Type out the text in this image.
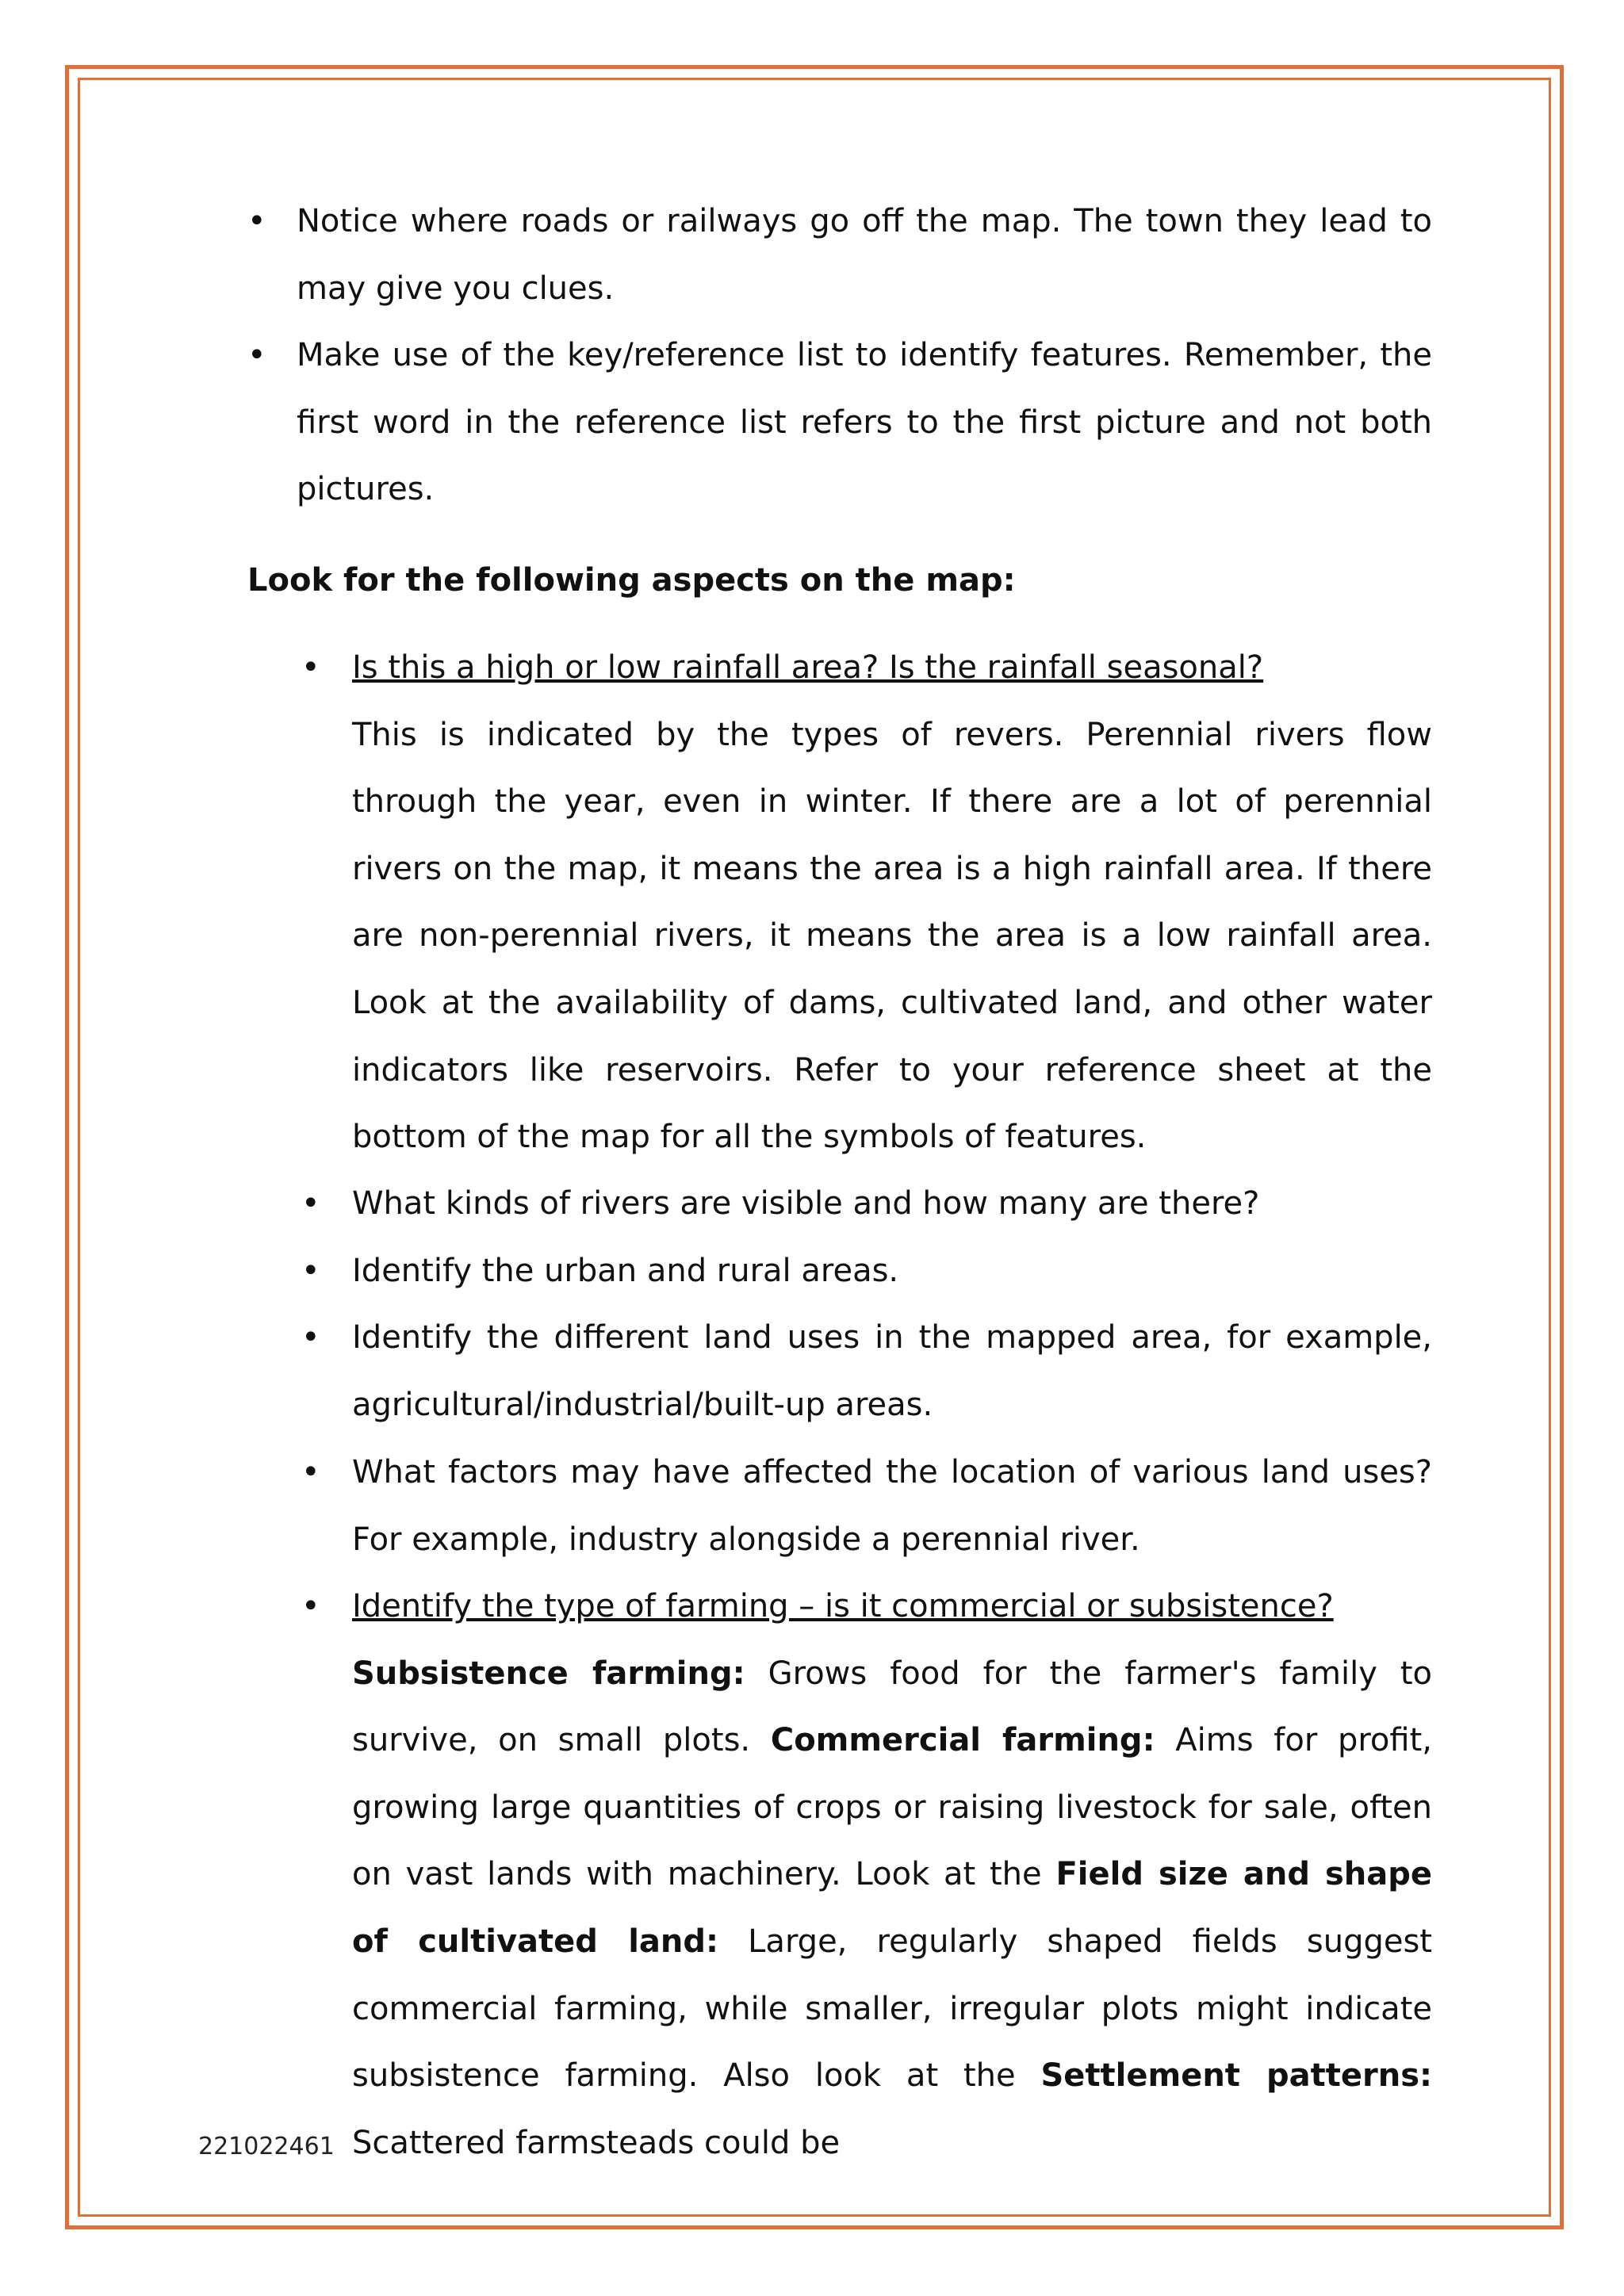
• Notice where roads or railways go off the map. The town they lead to may give you clues.

• Make use of the key/reference list to identify features. Remember, the first word in the reference list refers to the first picture and not both pictures.

Look for the following aspects on the map:

• Is this a high or low rainfall area? Is the rainfall seasonal?
This is indicated by the types of revers. Perennial rivers flow through the year, even in winter. If there are a lot of perennial rivers on the map, it means the area is a high rainfall area. If there are non-perennial rivers, it means the area is a low rainfall area. Look at the availability of dams, cultivated land, and other water indicators like reservoirs. Refer to your reference sheet at the bottom of the map for all the symbols of features.
• What kinds of rivers are visible and how many are there?

• Identify the urban and rural areas.

• Identify the different land uses in the mapped area, for example, agricultural/industrial/built-up areas.

• What factors may have affected the location of various land uses? For example, industry alongside a perennial river.

• Identify the type of farming – is it commercial or subsistence?
Subsistence farming: Grows food for the farmer's family to survive, on small plots. Commercial farming: Aims for profit, growing large quantities of crops or raising livestock for sale, often on vast lands with machinery. Look at the Field size and shape of cultivated land: Large, regularly shaped fields suggest commercial farming, while smaller, irregular plots might indicate subsistence farming. Also look at the Settlement patterns: Scattered farmsteads could be
221022461
